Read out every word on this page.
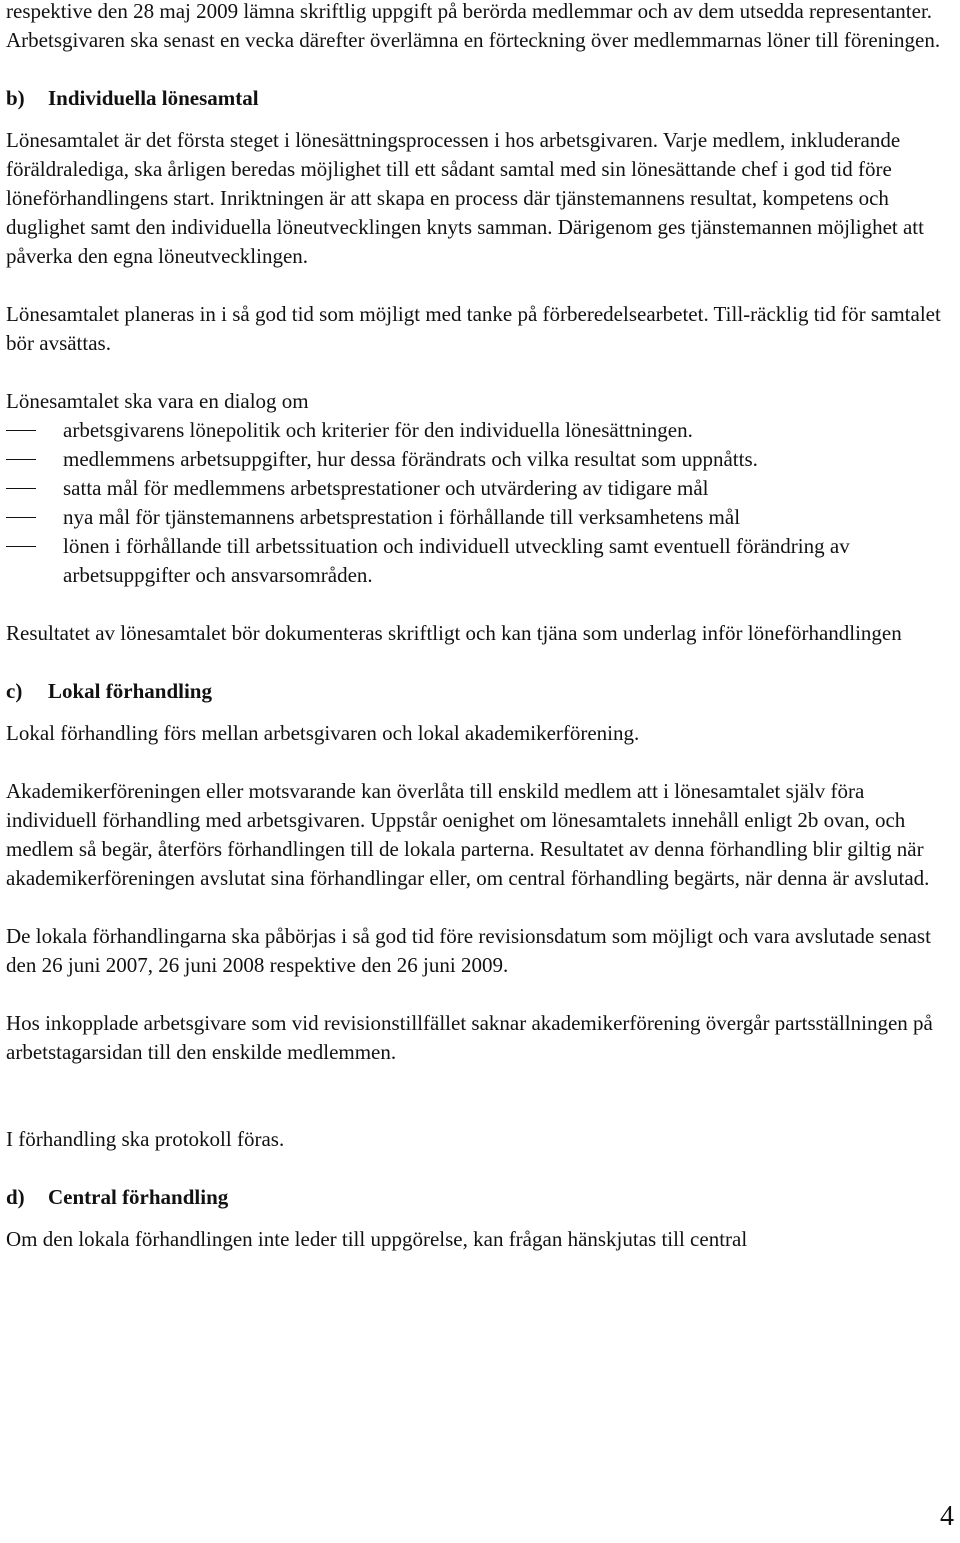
respektive den 28 maj 2009 lämna skriftlig uppgift på berörda medlemmar och av dem utsedda representanter. Arbetsgivaren ska senast en vecka därefter överlämna en förteckning över medlemmarnas löner till föreningen.

b)	Individuella lönesamtal

Lönesamtalet är det första steget i lönesättningsprocessen i hos arbetsgivaren. Varje medlem, inkluderande föräldralediga, ska årligen beredas möjlighet till ett sådant samtal med sin lönesättande chef i god tid före löneförhandlingens start. Inriktningen är att skapa en process där tjänstemannens resultat, kompetens och duglighet samt den individuella löneutvecklingen knyts samman. Därigenom ges tjänstemannen möjlighet att påverka den egna löneutvecklingen.

Lönesamtalet planeras in i så god tid som möjligt med tanke på förberedelsearbetet. Till-räcklig tid för samtalet bör avsättas.

Lönesamtalet ska vara en dialog om

arbetsgivarens lönepolitik och kriterier för den individuella lönesättningen.
medlemmens arbetsuppgifter, hur dessa förändrats och vilka resultat som uppnåtts.
satta mål för medlemmens arbetsprestationer och utvärdering av tidigare mål
nya mål för tjänstemannens arbetsprestation i förhållande till verksamhetens mål
lönen i förhållande till arbetssituation och individuell utveckling samt eventuell förändring av arbetsuppgifter och ansvarsområden.

Resultatet av lönesamtalet bör dokumenteras skriftligt och kan tjäna som underlag inför löneförhandlingen

c)	Lokal förhandling

Lokal förhandling förs mellan arbetsgivaren och lokal akademikerförening.

Akademikerföreningen eller motsvarande kan överlåta till enskild medlem att i lönesamtalet själv föra individuell förhandling med arbetsgivaren. Uppstår oenighet om lönesamtalets innehåll enligt 2b ovan, och medlem så begär, återförs förhandlingen till de lokala parterna. Resultatet av denna förhandling blir giltig när akademikerföreningen avslutat sina förhandlingar eller, om central förhandling begärts, när denna är avslutad.

De lokala förhandlingarna ska påbörjas i så god tid före revisionsdatum som möjligt och vara avslutade senast den 26 juni 2007, 26 juni 2008 respektive den 26 juni 2009.

Hos inkopplade arbetsgivare som vid revisionstillfället saknar akademikerförening övergår partsställningen på arbetstagarsidan till den enskilde medlemmen.

I förhandling ska protokoll föras.

d)	Central förhandling

Om den lokala förhandlingen inte leder till uppgörelse, kan frågan hänskjutas till central

4
